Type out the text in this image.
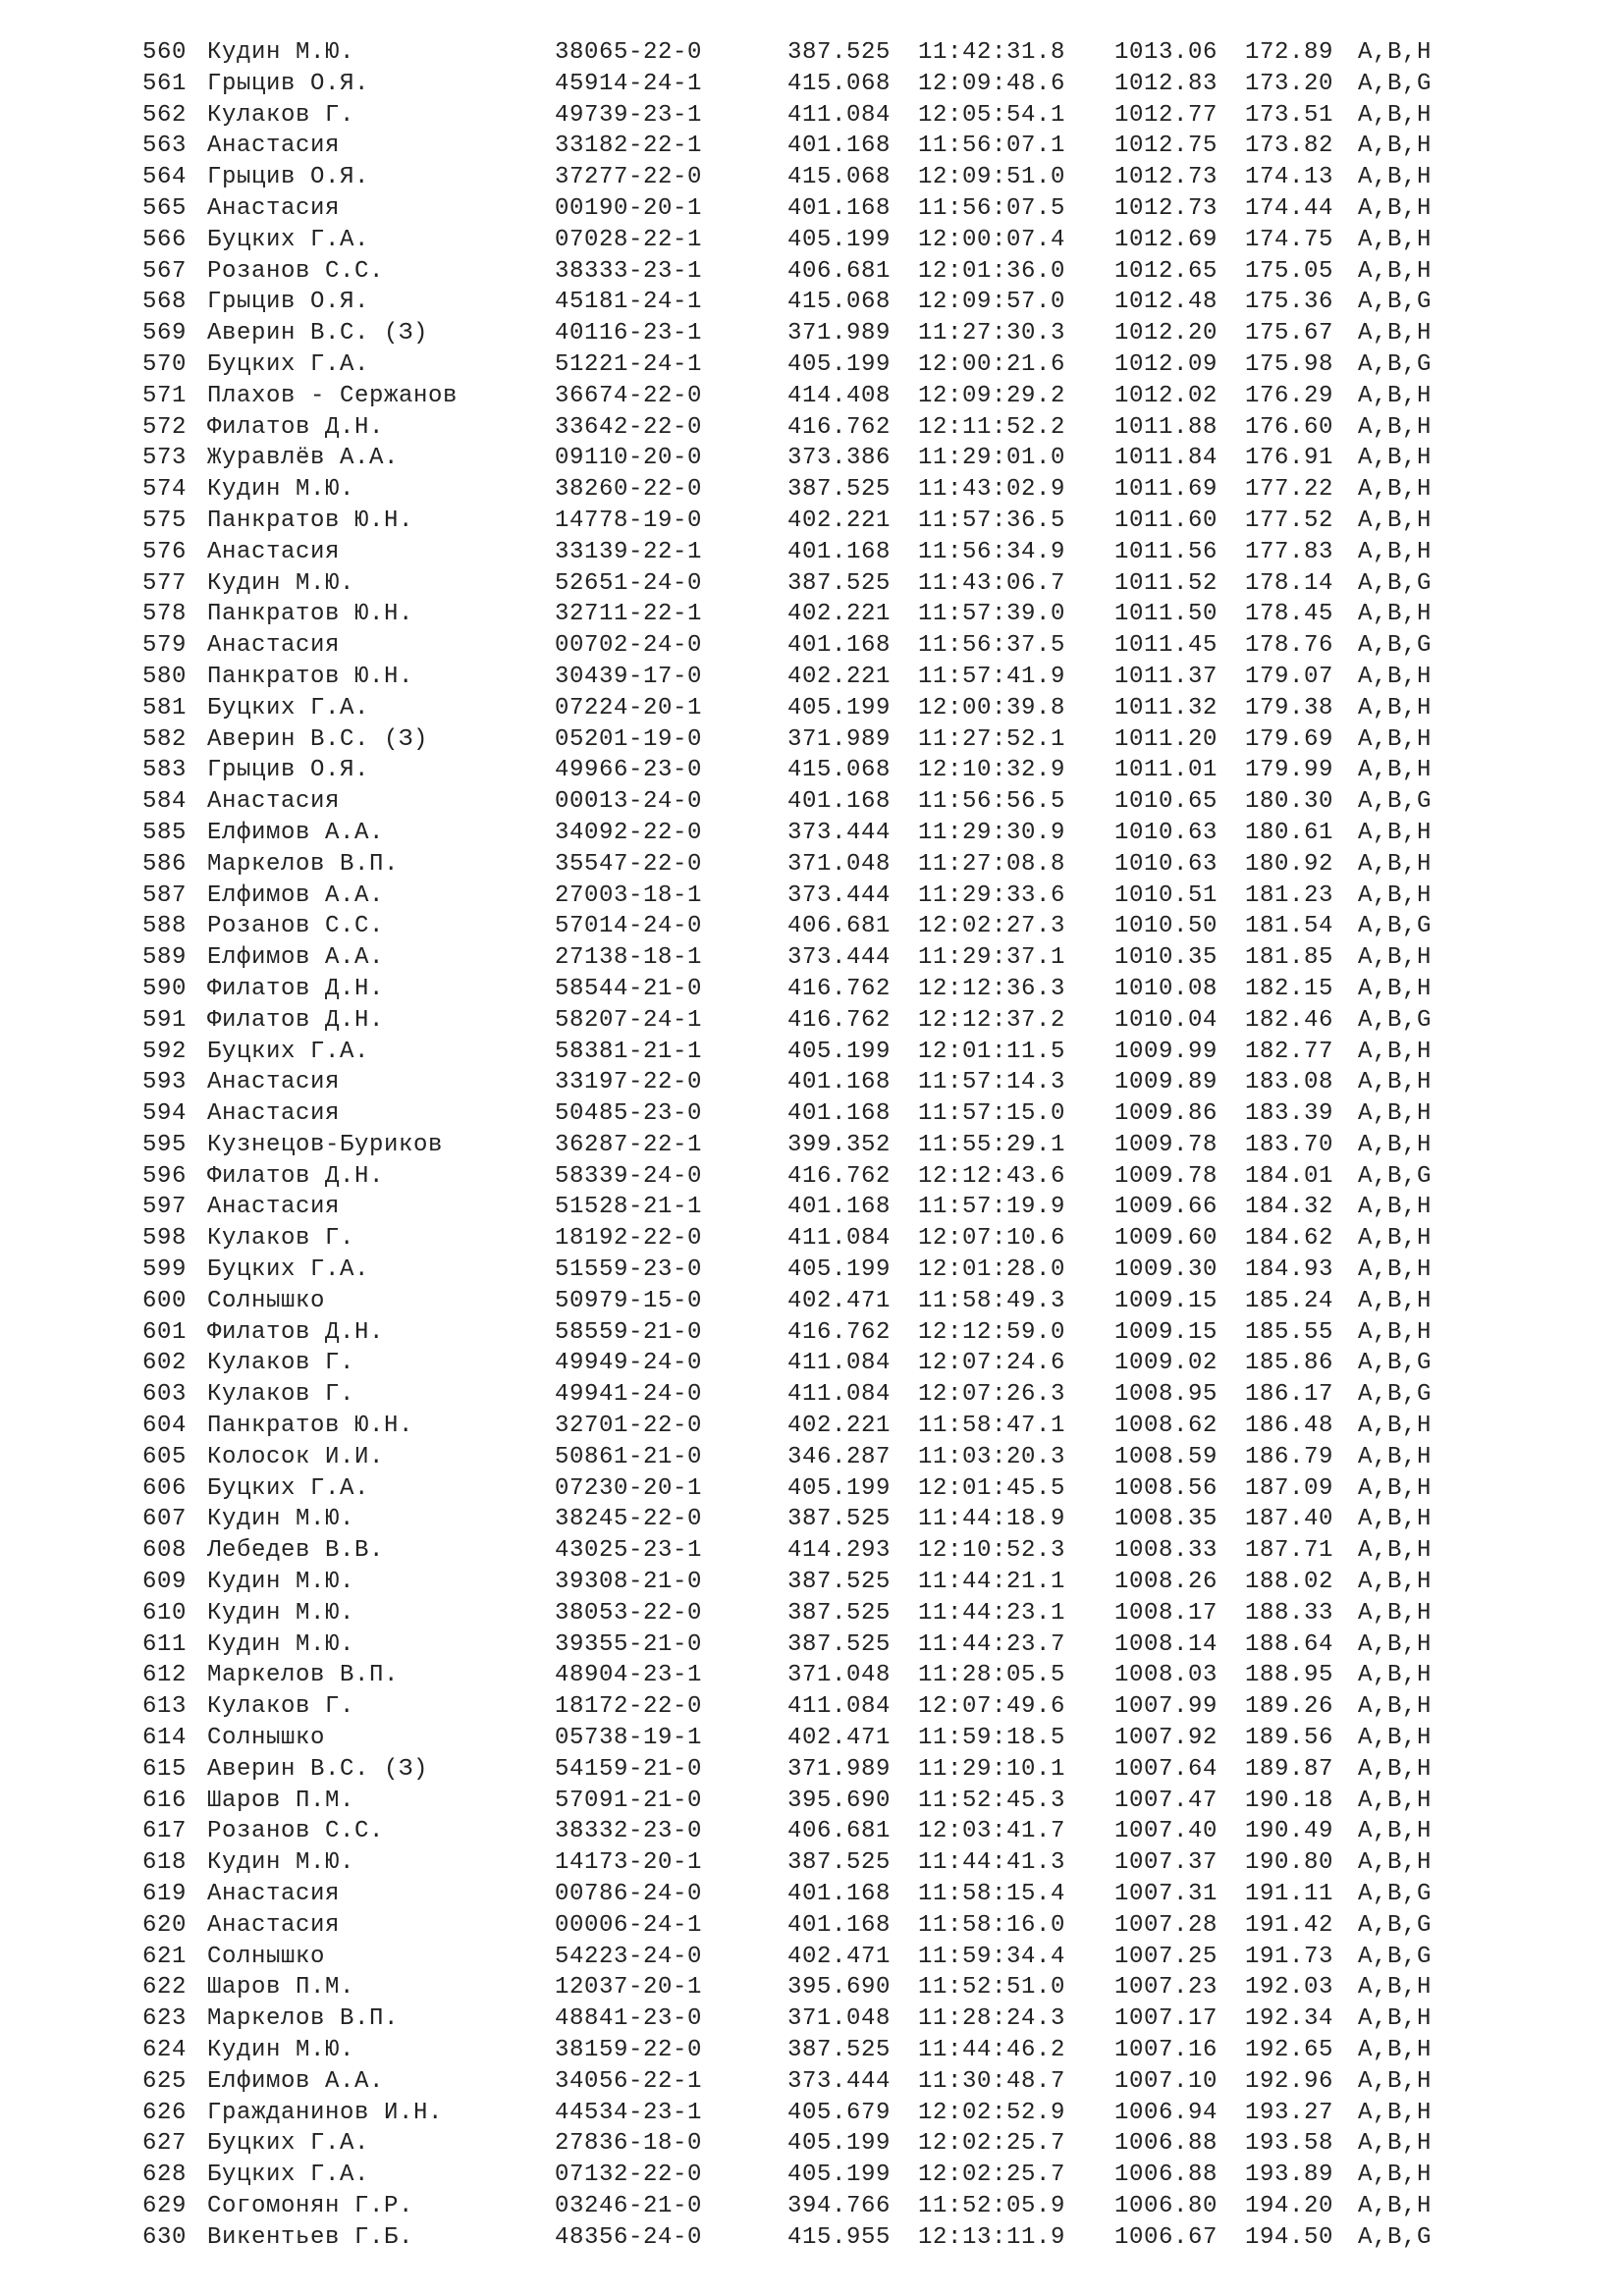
560 Кудин М.Ю.	38065-22-0	387.525 11:42:31.8 1013.06 172.89 A,B,H
561 Грыцив О.Я.	45914-24-1	415.068 12:09:48.6 1012.83 173.20 A,B,G
562 Кулаков Г.	49739-23-1	411.084 12:05:54.1 1012.77 173.51 A,B,H
563 Анастасия	33182-22-1	401.168 11:56:07.1 1012.75 173.82 A,B,H
564 Грыцив О.Я.	37277-22-0	415.068 12:09:51.0 1012.73 174.13 A,B,H
565 Анастасия	00190-20-1	401.168 11:56:07.5 1012.73 174.44 A,B,H
566 Буцких Г.А.	07028-22-1	405.199 12:00:07.4 1012.69 174.75 A,B,H
567 Розанов С.С.	38333-23-1	406.681 12:01:36.0 1012.65 175.05 A,B,H
568 Грыцив О.Я.	45181-24-1	415.068 12:09:57.0 1012.48 175.36 A,B,G
569 Аверин В.С. (З)	40116-23-1	371.989 11:27:30.3 1012.20 175.67 A,B,H
570 Буцких Г.А.	51221-24-1	405.199 12:00:21.6 1012.09 175.98 A,B,G
571 Плахов - Сержанов	36674-22-0	414.408 12:09:29.2 1012.02 176.29 A,B,H
572 Филатов Д.Н.	33642-22-0	416.762 12:11:52.2 1011.88 176.60 A,B,H
573 Журавлёв А.А.	09110-20-0	373.386 11:29:01.0 1011.84 176.91 A,B,H
574 Кудин М.Ю.	38260-22-0	387.525 11:43:02.9 1011.69 177.22 A,B,H
575 Панкратов Ю.Н.	14778-19-0	402.221 11:57:36.5 1011.60 177.52 A,B,H
576 Анастасия	33139-22-1	401.168 11:56:34.9 1011.56 177.83 A,B,H
577 Кудин М.Ю.	52651-24-0	387.525 11:43:06.7 1011.52 178.14 A,B,G
578 Панкратов Ю.Н.	32711-22-1	402.221 11:57:39.0 1011.50 178.45 A,B,H
579 Анастасия	00702-24-0	401.168 11:56:37.5 1011.45 178.76 A,B,G
580 Панкратов Ю.Н.	30439-17-0	402.221 11:57:41.9 1011.37 179.07 A,B,H
581 Буцких Г.А.	07224-20-1	405.199 12:00:39.8 1011.32 179.38 A,B,H
582 Аверин В.С. (З)	05201-19-0	371.989 11:27:52.1 1011.20 179.69 A,B,H
583 Грыцив О.Я.	49966-23-0	415.068 12:10:32.9 1011.01 179.99 A,B,H
584 Анастасия	00013-24-0	401.168 11:56:56.5 1010.65 180.30 A,B,G
585 Елфимов А.А.	34092-22-0	373.444 11:29:30.9 1010.63 180.61 A,B,H
586 Маркелов В.П.	35547-22-0	371.048 11:27:08.8 1010.63 180.92 A,B,H
587 Елфимов А.А.	27003-18-1	373.444 11:29:33.6 1010.51 181.23 A,B,H
588 Розанов С.С.	57014-24-0	406.681 12:02:27.3 1010.50 181.54 A,B,G
589 Елфимов А.А.	27138-18-1	373.444 11:29:37.1 1010.35 181.85 A,B,H
590 Филатов Д.Н.	58544-21-0	416.762 12:12:36.3 1010.08 182.15 A,B,H
591 Филатов Д.Н.	58207-24-1	416.762 12:12:37.2 1010.04 182.46 A,B,G
592 Буцких Г.А.	58381-21-1	405.199 12:01:11.5 1009.99 182.77 A,B,H
593 Анастасия	33197-22-0	401.168 11:57:14.3 1009.89 183.08 A,B,H
594 Анастасия	50485-23-0	401.168 11:57:15.0 1009.86 183.39 A,B,H
595 Кузнецов-Буриков	36287-22-1	399.352 11:55:29.1 1009.78 183.70 A,B,H
596 Филатов Д.Н.	58339-24-0	416.762 12:12:43.6 1009.78 184.01 A,B,G
597 Анастасия	51528-21-1	401.168 11:57:19.9 1009.66 184.32 A,B,H
598 Кулаков Г.	18192-22-0	411.084 12:07:10.6 1009.60 184.62 A,B,H
599 Буцких Г.А.	51559-23-0	405.199 12:01:28.0 1009.30 184.93 A,B,H
600 Солнышко	50979-15-0	402.471 11:58:49.3 1009.15 185.24 A,B,H
601 Филатов Д.Н.	58559-21-0	416.762 12:12:59.0 1009.15 185.55 A,B,H
602 Кулаков Г.	49949-24-0	411.084 12:07:24.6 1009.02 185.86 A,B,G
603 Кулаков Г.	49941-24-0	411.084 12:07:26.3 1008.95 186.17 A,B,G
604 Панкратов Ю.Н.	32701-22-0	402.221 11:58:47.1 1008.62 186.48 A,B,H
605 Колосок И.И.	50861-21-0	346.287 11:03:20.3 1008.59 186.79 A,B,H
606 Буцких Г.А.	07230-20-1	405.199 12:01:45.5 1008.56 187.09 A,B,H
607 Кудин М.Ю.	38245-22-0	387.525 11:44:18.9 1008.35 187.40 A,B,H
608 Лебедев В.В.	43025-23-1	414.293 12:10:52.3 1008.33 187.71 A,B,H
609 Кудин М.Ю.	39308-21-0	387.525 11:44:21.1 1008.26 188.02 A,B,H
610 Кудин М.Ю.	38053-22-0	387.525 11:44:23.1 1008.17 188.33 A,B,H
611 Кудин М.Ю.	39355-21-0	387.525 11:44:23.7 1008.14 188.64 A,B,H
612 Маркелов В.П.	48904-23-1	371.048 11:28:05.5 1008.03 188.95 A,B,H
613 Кулаков Г.	18172-22-0	411.084 12:07:49.6 1007.99 189.26 A,B,H
614 Солнышко	05738-19-1	402.471 11:59:18.5 1007.92 189.56 A,B,H
615 Аверин В.С. (З)	54159-21-0	371.989 11:29:10.1 1007.64 189.87 A,B,H
616 Шаров П.М.	57091-21-0	395.690 11:52:45.3 1007.47 190.18 A,B,H
617 Розанов С.С.	38332-23-0	406.681 12:03:41.7 1007.40 190.49 A,B,H
618 Кудин М.Ю.	14173-20-1	387.525 11:44:41.3 1007.37 190.80 A,B,H
619 Анастасия	00786-24-0	401.168 11:58:15.4 1007.31 191.11 A,B,G
620 Анастасия	00006-24-1	401.168 11:58:16.0 1007.28 191.42 A,B,G
621 Солнышко	54223-24-0	402.471 11:59:34.4 1007.25 191.73 A,B,G
622 Шаров П.М.	12037-20-1	395.690 11:52:51.0 1007.23 192.03 A,B,H
623 Маркелов В.П.	48841-23-0	371.048 11:28:24.3 1007.17 192.34 A,B,H
624 Кудин М.Ю.	38159-22-0	387.525 11:44:46.2 1007.16 192.65 A,B,H
625 Елфимов А.А.	34056-22-1	373.444 11:30:48.7 1007.10 192.96 A,B,H
626 Гражданинов И.Н.	44534-23-1	405.679 12:02:52.9 1006.94 193.27 A,B,H
627 Буцких Г.А.	27836-18-0	405.199 12:02:25.7 1006.88 193.58 A,B,H
628 Буцких Г.А.	07132-22-0	405.199 12:02:25.7 1006.88 193.89 A,B,H
629 Согомонян Г.Р.	03246-21-0	394.766 11:52:05.9 1006.80 194.20 A,B,H
630 Викентьев Г.Б.	48356-24-0	415.955 12:13:11.9 1006.67 194.50 A,B,G
